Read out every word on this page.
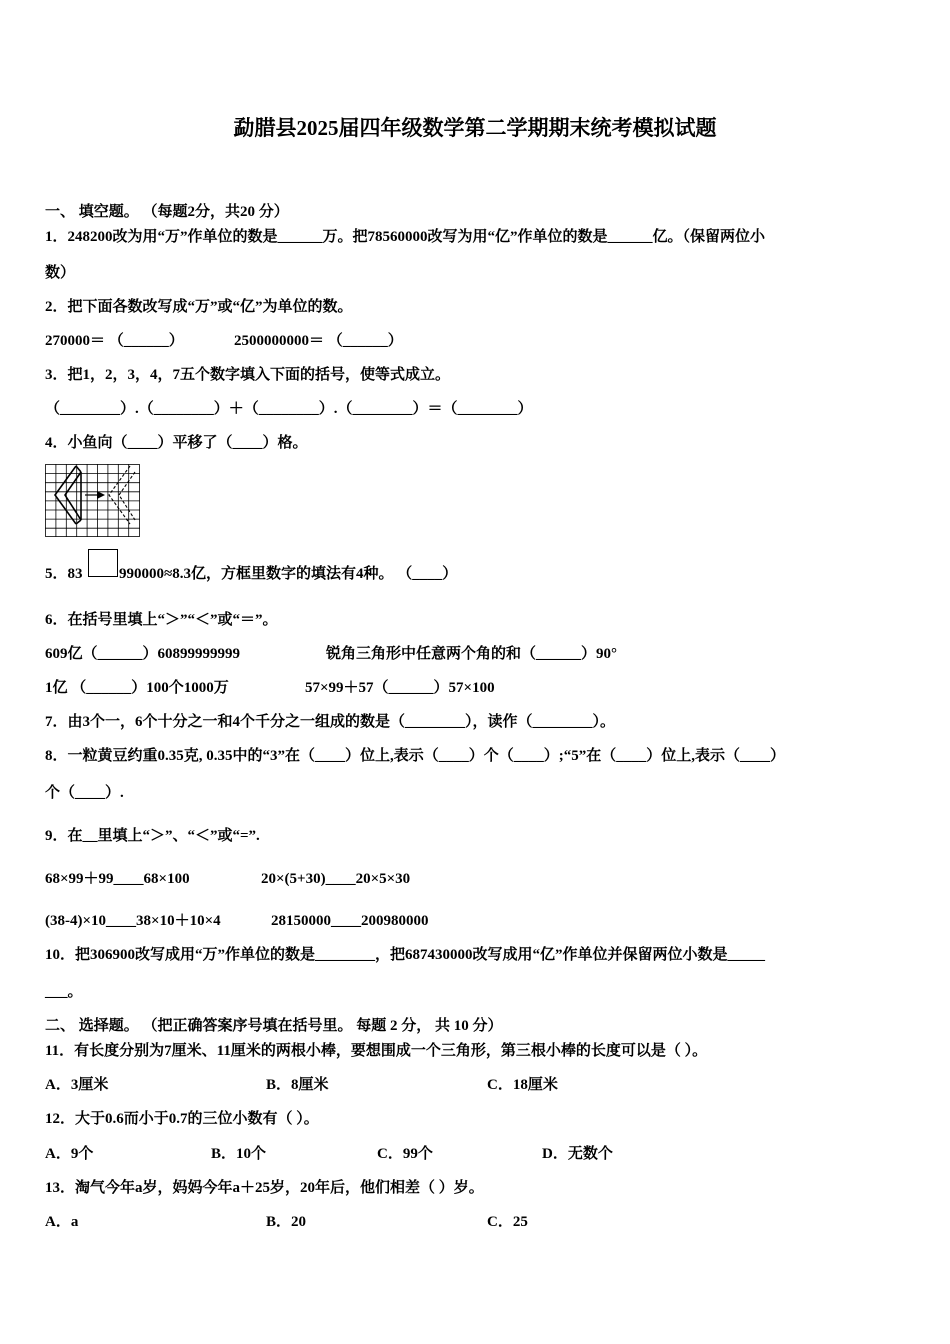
勐腊县2025届四年级数学第二学期期末统考模拟试题
一、 填空题。 （每题2分，共20 分）
1．248200改为用“万”作单位的数是______万。把78560000改写为用“亿”作单位的数是______亿。（保留两位小
数）
2．把下面各数改写成“万”或“亿”为单位的数。
270000＝ （______）	2500000000＝ （______）
3．把1，2，3，4，7五个数字填入下面的括号，使等式成立。
（________）.（________）＋（________）.（________）＝（________）
4．小鱼向（____）平移了（____）格。
5．83 990000≈8.3亿，方框里数字的填法有4种。 （____）
6．在括号里填上“＞”“＜”或“＝”。
609亿（______）60899999999	锐角三角形中任意两个角的和（______）90°
1亿 （______）100个1000万	57×99＋57（______）57×100
7．由3个一，6个十分之一和4个千分之一组成的数是（________），读作（________）。
8．一粒黄豆约重0.35克, 0.35中的“3”在（____）位上,表示（____）个（____）;“5”在（____）位上,表示（____）
个（____）.
9．在__里填上“＞”、“＜”或“=”.
68×99＋99____68×100	20×(5+30)____20×5×30
(38-4)×10____38×10＋10×4	28150000____200980000
10．把306900改写成用“万”作单位的数是________，把687430000改写成用“亿”作单位并保留两位小数是_____
___。
二、 选择题。 （把正确答案序号填在括号里。 每题 2 分， 共 10 分）
11．有长度分别为7厘米、11厘米的两根小棒，要想围成一个三角形，第三根小棒的长度可以是（ ）。
A．3厘米	B．8厘米	C．18厘米
12．大于0.6而小于0.7的三位小数有（ ）。
A．9个	B．10个	C．99个	D．无数个
13．淘气今年a岁，妈妈今年a＋25岁，20年后，他们相差（ ）岁。
A．a	B．20	C．25
